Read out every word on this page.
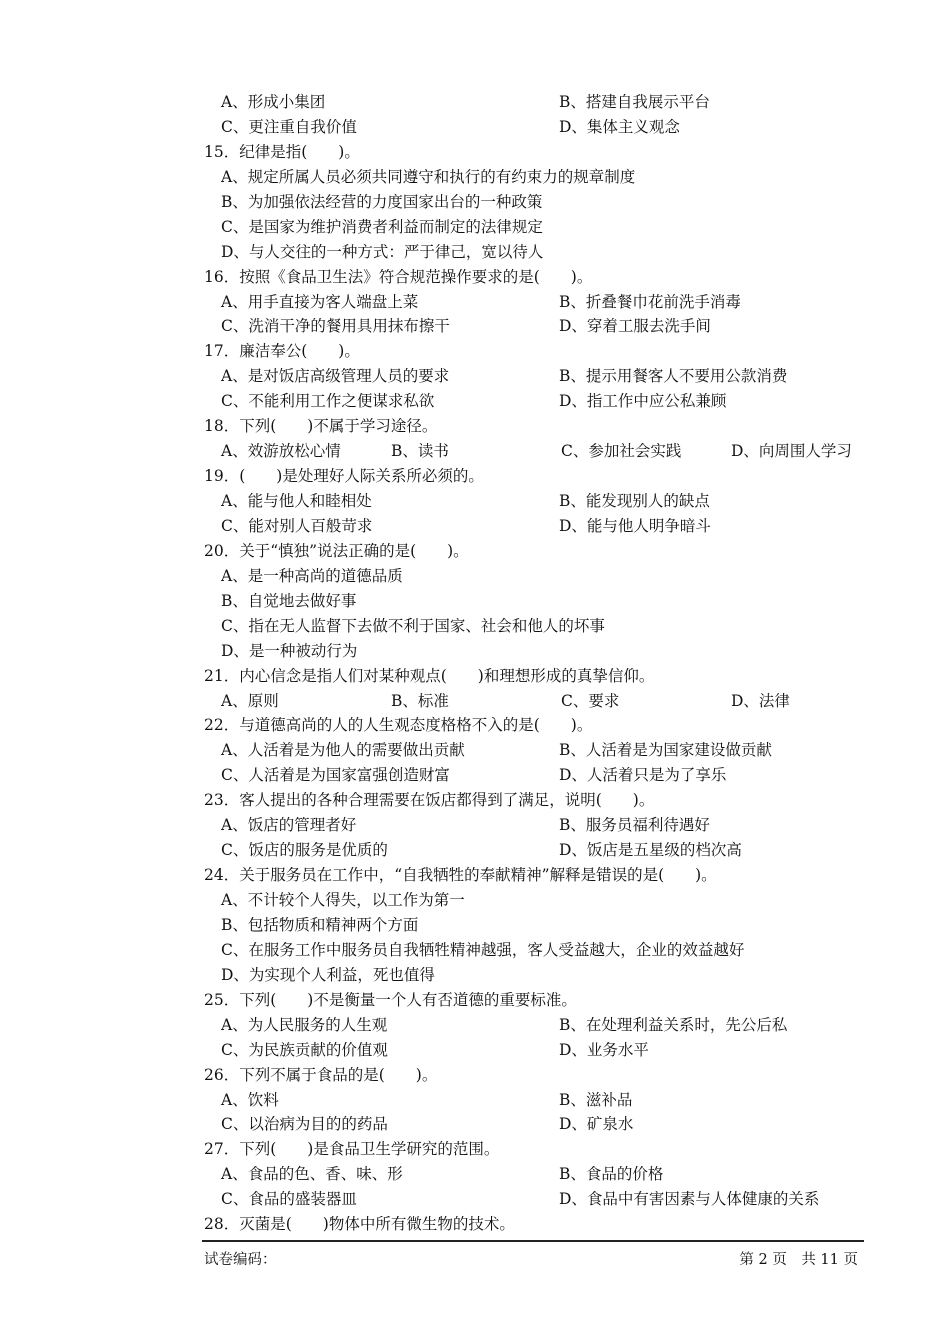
A、形成小集团	B、搭建自我展示平台
C、更注重自我价值	D、集体主义观念
15．纪律是指(　　)。
A、规定所属人员必须共同遵守和执行的有约束力的规章制度
B、为加强依法经营的力度国家出台的一种政策
C、是国家为维护消费者利益而制定的法律规定
D、与人交往的一种方式：严于律己，宽以待人
16．按照《食品卫生法》符合规范操作要求的是(　　)。
A、用手直接为客人端盘上菜	B、折叠餐巾花前洗手消毒
C、洗消干净的餐用具用抹布擦干	D、穿着工服去洗手间
17．廉洁奉公(　　)。
A、是对饭店高级管理人员的要求	B、提示用餐客人不要用公款消费
C、不能利用工作之便谋求私欲	D、指工作中应公私兼顾
18．下列(　　)不属于学习途径。
A、效游放松心情	B、读书	C、参加社会实践	D、向周围人学习
19．(　　)是处理好人际关系所必须的。
A、能与他人和睦相处	B、能发现别人的缺点
C、能对别人百般苛求	D、能与他人明争暗斗
20．关于“慎独”说法正确的是(　　)。
A、是一种高尚的道德品质
B、自觉地去做好事
C、指在无人监督下去做不利于国家、社会和他人的坏事
D、是一种被动行为
21．内心信念是指人们对某种观点(　　)和理想形成的真挚信仰。
A、原则	B、标准	C、要求	D、法律
22．与道德高尚的人的人生观态度格格不入的是(　　)。
A、人活着是为他人的需要做出贡献	B、人活着是为国家建设做贡献
C、人活着是为国家富强创造财富	D、人活着只是为了享乐
23．客人提出的各种合理需要在饭店都得到了满足，说明(　　)。
A、饭店的管理者好	B、服务员福利待遇好
C、饭店的服务是优质的	D、饭店是五星级的档次高
24．关于服务员在工作中，“自我牺牲的奉献精神”解释是错误的是(　　)。
A、不计较个人得失，以工作为第一
B、包括物质和精神两个方面
C、在服务工作中服务员自我牺牲精神越强，客人受益越大，企业的效益越好
D、为实现个人利益，死也值得
25．下列(　　)不是衡量一个人有否道德的重要标准。
A、为人民服务的人生观	B、在处理利益关系时，先公后私
C、为民族贡献的价值观	D、业务水平
26．下列不属于食品的是(　　)。
A、饮料	B、滋补品
C、以治病为目的的药品	D、矿泉水
27．下列(　　)是食品卫生学研究的范围。
A、食品的色、香、味、形	B、食品的价格
C、食品的盛装器皿	D、食品中有害因素与人体健康的关系
28．灭菌是(　　)物体中所有微生物的技术。
试卷编码：	第 2 页　共 11 页
